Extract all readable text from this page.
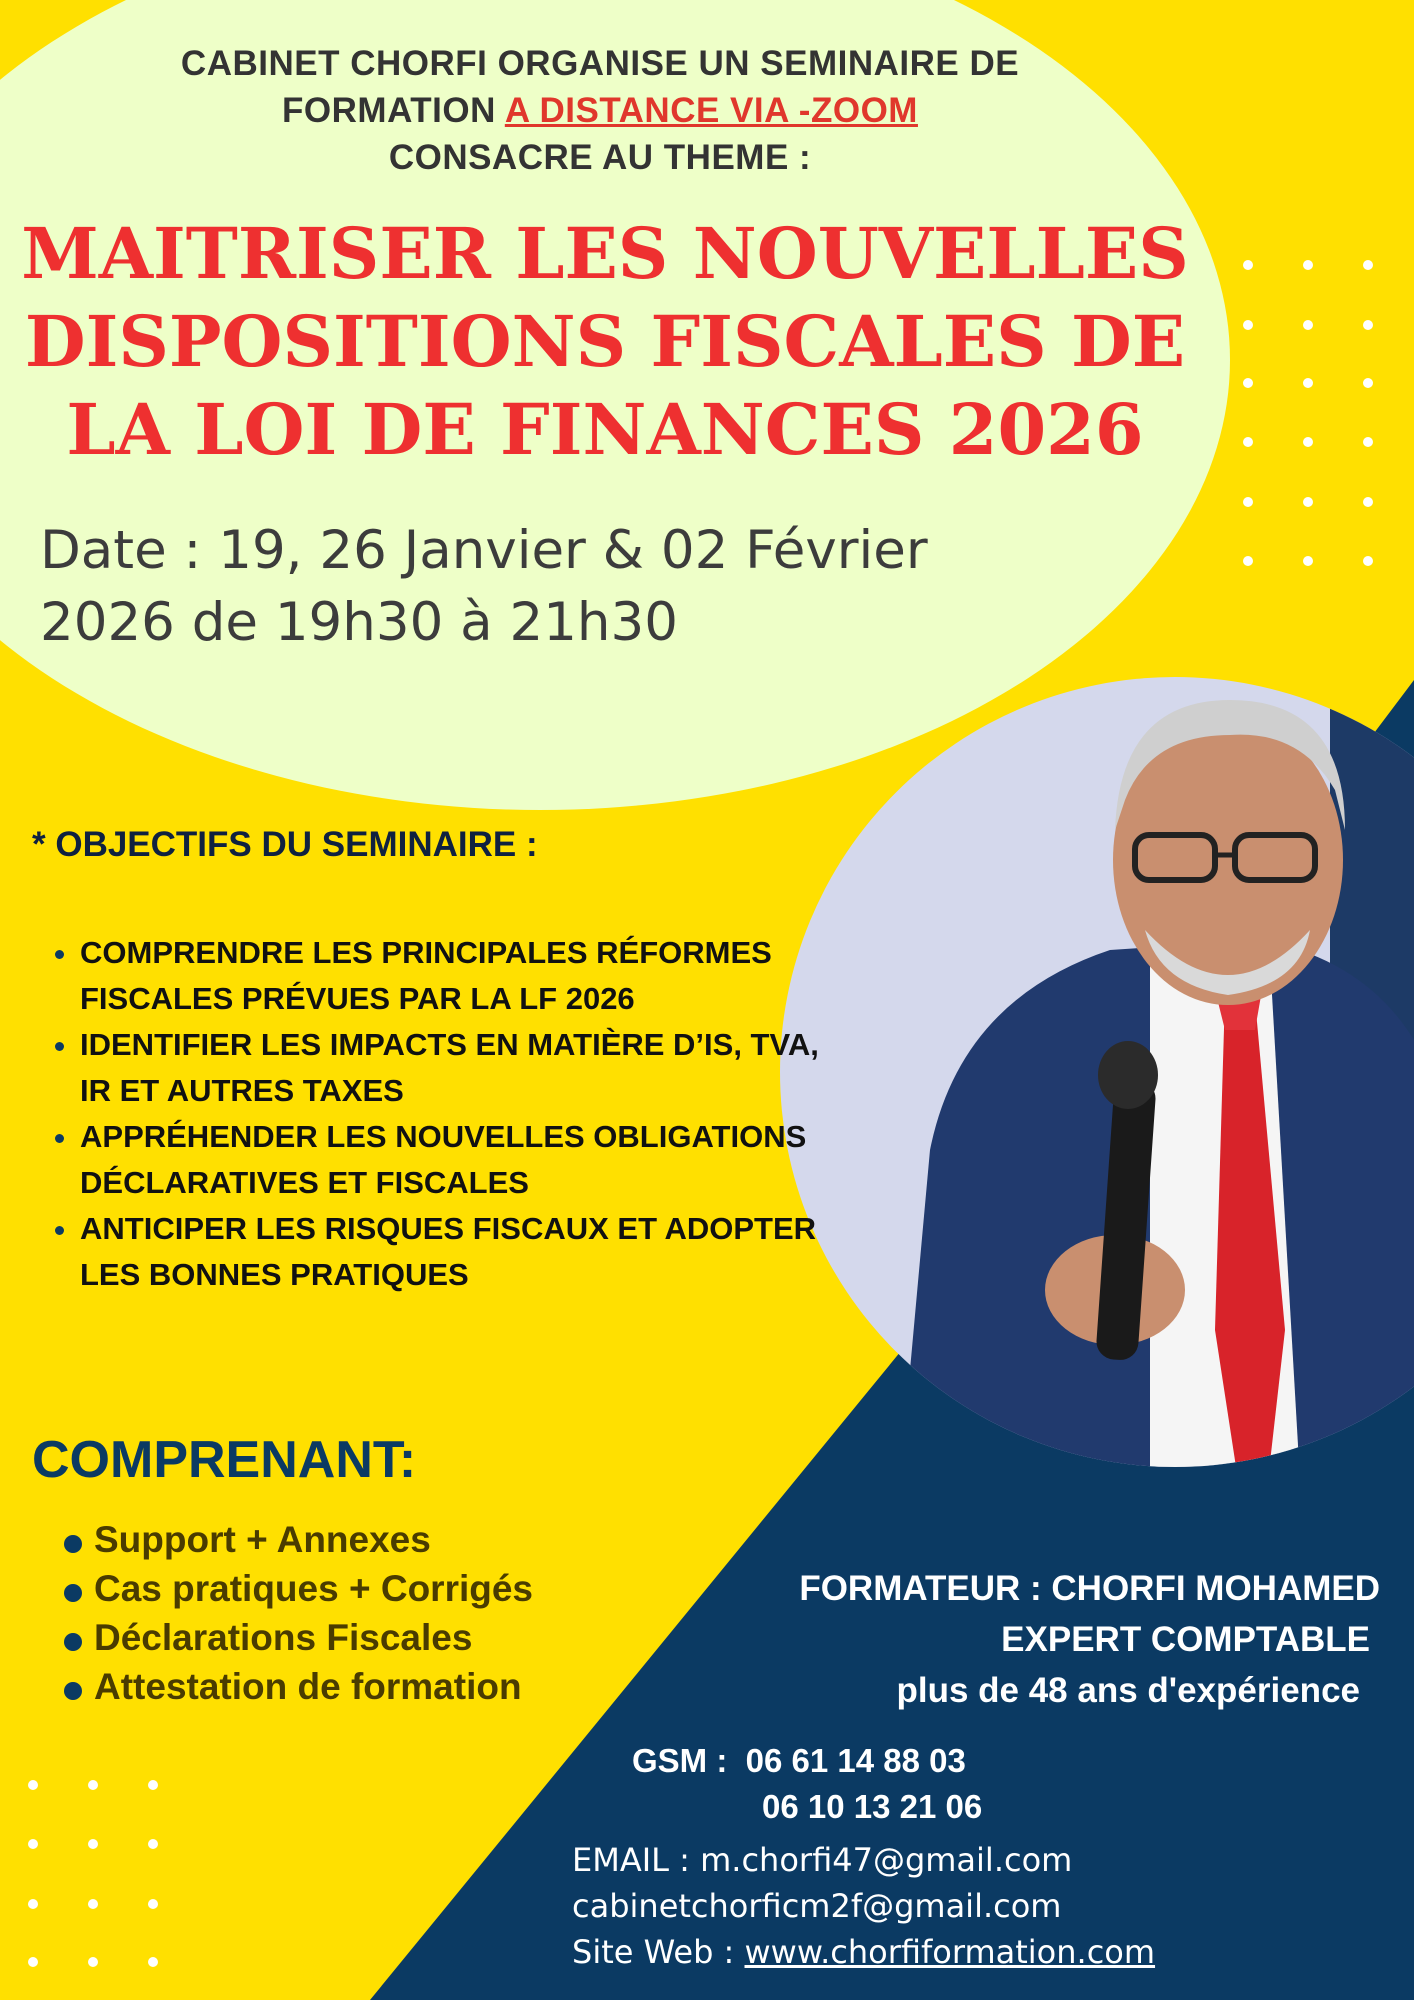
CABINET CHORFI ORGANISE UN SEMINAIRE DE
FORMATION A DISTANCE VIA -ZOOM
CONSACRE AU THEME :
MAITRISER LES NOUVELLES
DISPOSITIONS FISCALES DE
LA LOI DE FINANCES 2026
Date : 19, 26 Janvier & 02 Février
2026 de 19h30 à 21h30
* OBJECTIFS DU SEMINAIRE :
• COMPRENDRE LES PRINCIPALES RÉFORMES FISCALES PRÉVUES PAR LA LF 2026
• IDENTIFIER LES IMPACTS EN MATIÈRE D’IS, TVA, IR ET AUTRES TAXES
• APPRÉHENDER LES NOUVELLES OBLIGATIONS DÉCLARATIVES ET FISCALES
• ANTICIPER LES RISQUES FISCAUX ET ADOPTER LES BONNES PRATIQUES
COMPRENANT:
Support + Annexes
Cas pratiques + Corrigés
Déclarations Fiscales
Attestation de formation
FORMATEUR : CHORFI MOHAMED
EXPERT COMPTABLE
plus de 48 ans d'expérience
GSM : 06 61 14 88 03
06 10 13 21 06
EMAIL : m.chorfi47@gmail.com
cabinetchorficm2f@gmail.com
Site Web : www.chorfiformation.com
